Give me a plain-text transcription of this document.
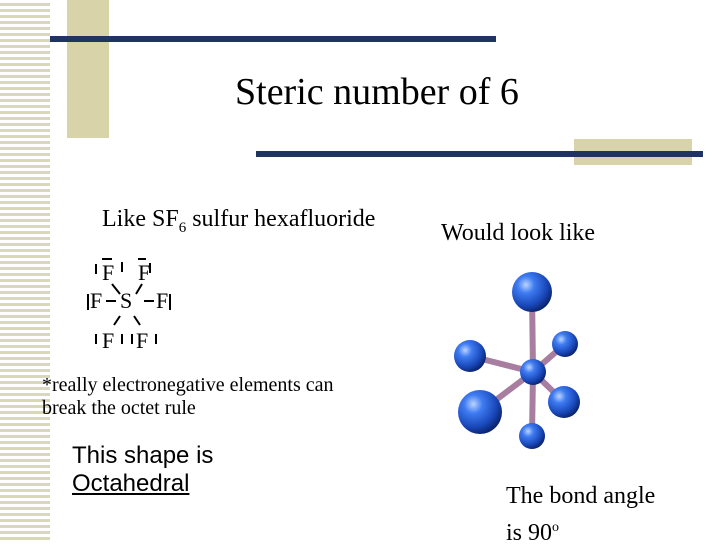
Steric number of 6
Like $SF_6$ sulfur hexafluoride
Would look like
F F
F S F
F F
*really electronegative elements can break the octet rule
This shape is
Octahedral	The bond angle
is 90$^o$
